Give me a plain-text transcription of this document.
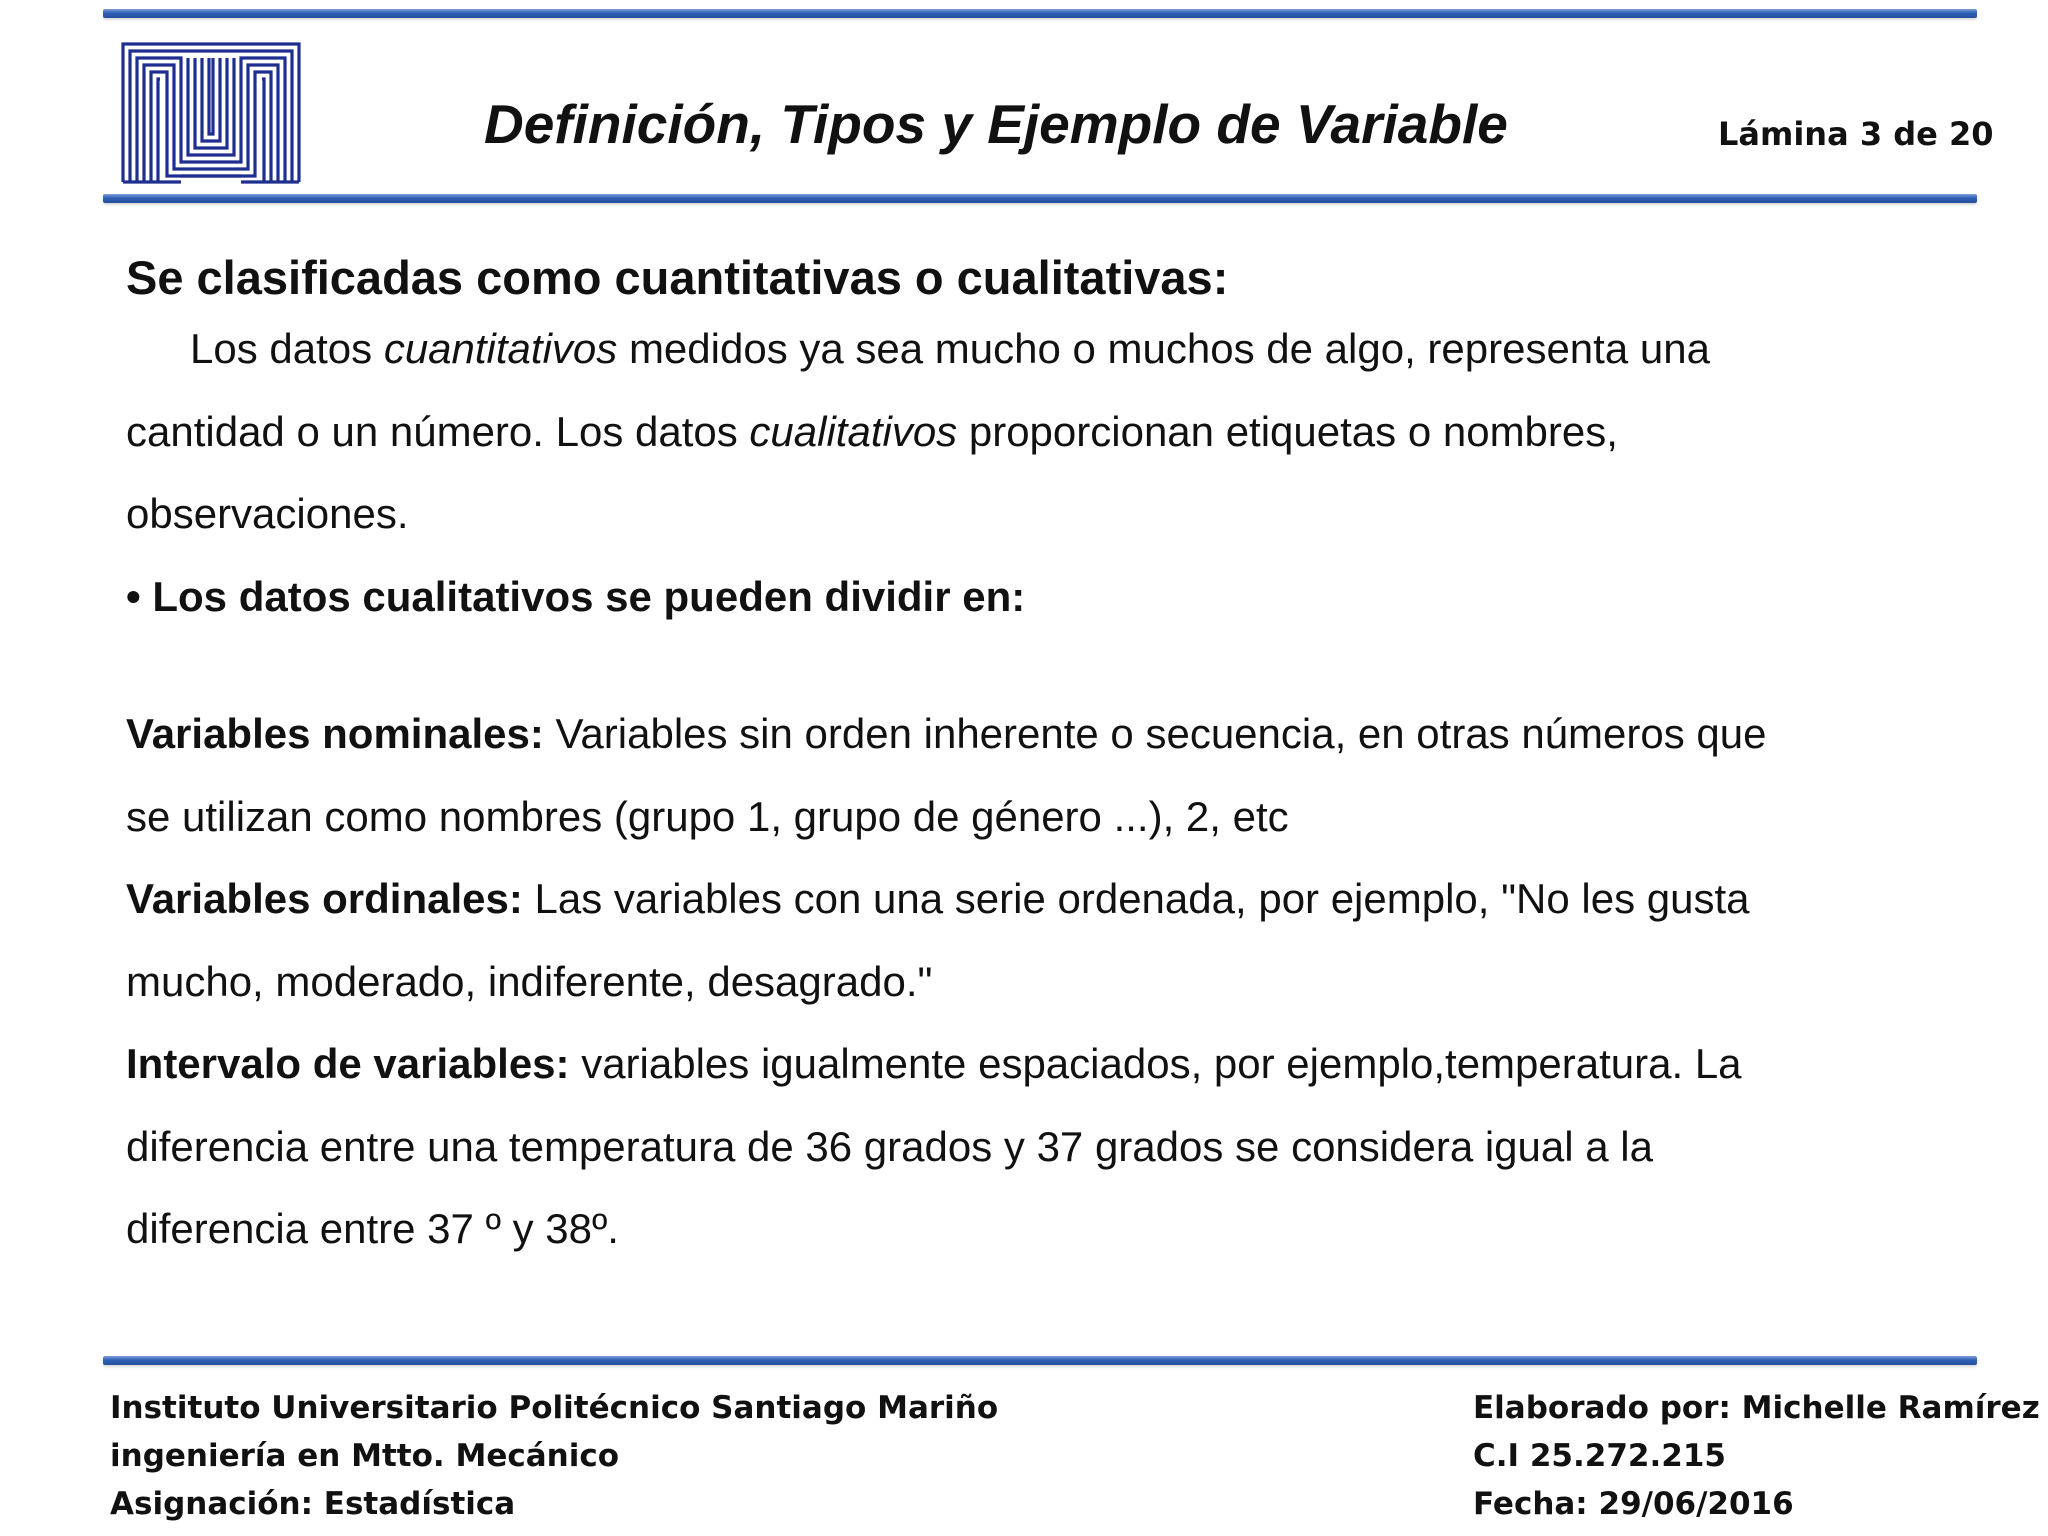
Definición, Tipos y Ejemplo de Variable	Lámina 3 de 20

Se clasificadas como cuantitativas o cualitativas:

Los datos cuantitativos medidos ya sea mucho o muchos de algo, representa una
cantidad o un número. Los datos cualitativos proporcionan etiquetas o nombres,
observaciones.
• Los datos cualitativos se pueden dividir en:

Variables nominales: Variables sin orden inherente o secuencia, en otras números que
se utilizan como nombres (grupo 1, grupo de género ...), 2, etc
Variables ordinales: Las variables con una serie ordenada, por ejemplo, "No les gusta
mucho, moderado, indiferente, desagrado."
Intervalo de variables: variables igualmente espaciados, por ejemplo,temperatura. La
diferencia entre una temperatura de 36 grados y 37 grados se considera igual a la
diferencia entre 37 º y 38º.

Instituto Universitario Politécnico Santiago Mariño
ingeniería en Mtto. Mecánico
Asignación: Estadística
Elaborado por: Michelle Ramírez
C.I 25.272.215
Fecha: 29/06/2016
